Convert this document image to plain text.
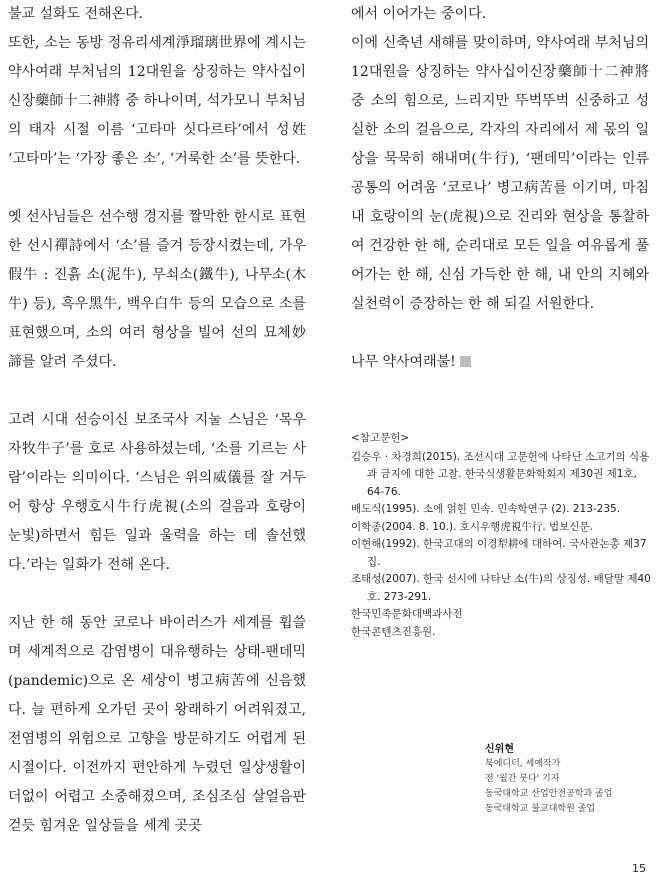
불교 설화도 전해온다.

또한, 소는 동방 정유리세계淨瑠璃世界에 계시는 약사여래 부처님의 12대원을 상징하는 약사십이신장藥師十二神將 중 하나이며, 석가모니 부처님의 태자 시절 이름 ‘고타마 싯다르타’에서 성姓 ‘고타마’는 ‘가장 좋은 소’, ‘거룩한 소’를 뜻한다.

옛 선사님들은 선수행 경지를 짤막한 한시로 표현한 선시禪詩에서 ‘소’를 즐겨 등장시켰는데, 가우假牛 : 진흙 소(泥牛), 무쇠소(鐵牛), 나무소(木牛) 등), 흑우黑牛, 백우白牛 등의 모습으로 소를 표현했으며, 소의 여러 형상을 빌어 선의 묘체妙諦를 알려 주셨다.

고려 시대 선승이신 보조국사 지눌 스님은 ‘목우자牧牛子’를 호로 사용하셨는데, ‘소를 기르는 사람’이라는 의미이다. ‘스님은 위의威儀를 잘 거두어 항상 우행호시牛行虎視(소의 걸음과 호랑이 눈빛)하면서 힘든 일과 울력을 하는 데 솔선했다.’라는 일화가 전해 온다.

지난 한 해 동안 코로나 바이러스가 세계를 휩쓸며 세계적으로 감염병이 대유행하는 상태-팬데믹(pandemic)으로 온 세상이 병고病苦에 신음했다. 늘 편하게 오가던 곳이 왕래하기 어려워졌고, 전염병의 위험으로 고향을 방문하기도 어렵게 된 시절이다. 이전까지 편안하게 누렸던 일상생활이 더없이 어렵고 소중해졌으며, 조심조심 살얼음판 걷듯 힘겨운 일상들을 세계 곳곳

에서 이어가는 중이다.

이에 신축년 새해를 맞이하며, 약사여래 부처님의 12대원을 상징하는 약사십이신장藥師十二神將 중 소의 힘으로, 느리지만 뚜벅뚜벅 신중하고 성실한 소의 걸음으로, 각자의 자리에서 제 몫의 일상을 묵묵히 해내며(牛行), ‘팬데믹’이라는 인류 공통의 어려움 ‘코로나’ 병고病苦를 이기며, 마침내 호랑이의 눈(虎視)으로 진리와 현상을 통찰하여 건강한 한 해, 순리대로 모든 일을 여유롭게 풀어가는 한 해, 신심 가득한 한 해, 내 안의 지혜와 실천력이 증장하는 한 해 되길 서원한다.

나무 약사여래불!

<참고문헌>

김승우 · 차경희(2015). 조선시대 고문헌에 나타난 소고기의 식용과 금지에 대한 고찰. 한국식생활문화학회지 제30권 제1호, 64-76.

배도식(1995). 소에 얽힌 민속. 민속학연구 (2). 213-235.

이학종(2004. 8. 10.). 호시우행虎視牛行. 법보신문.

이현해(1992). 한국고대의 이경犁耕에 대하여. 국사관논총 제37집.

조태성(2007). 한국 선시에 나타난 소(牛)의 상징성. 배달말 제40호. 273-291.

한국민족문화대백과사전

한국콘텐츠진흥원.

신위현

북에디터, 세예작가

전 '월간 붓다' 기자

동국대학교 산업안전공학과 졸업

동국대학교 불교대학원 졸업

15
